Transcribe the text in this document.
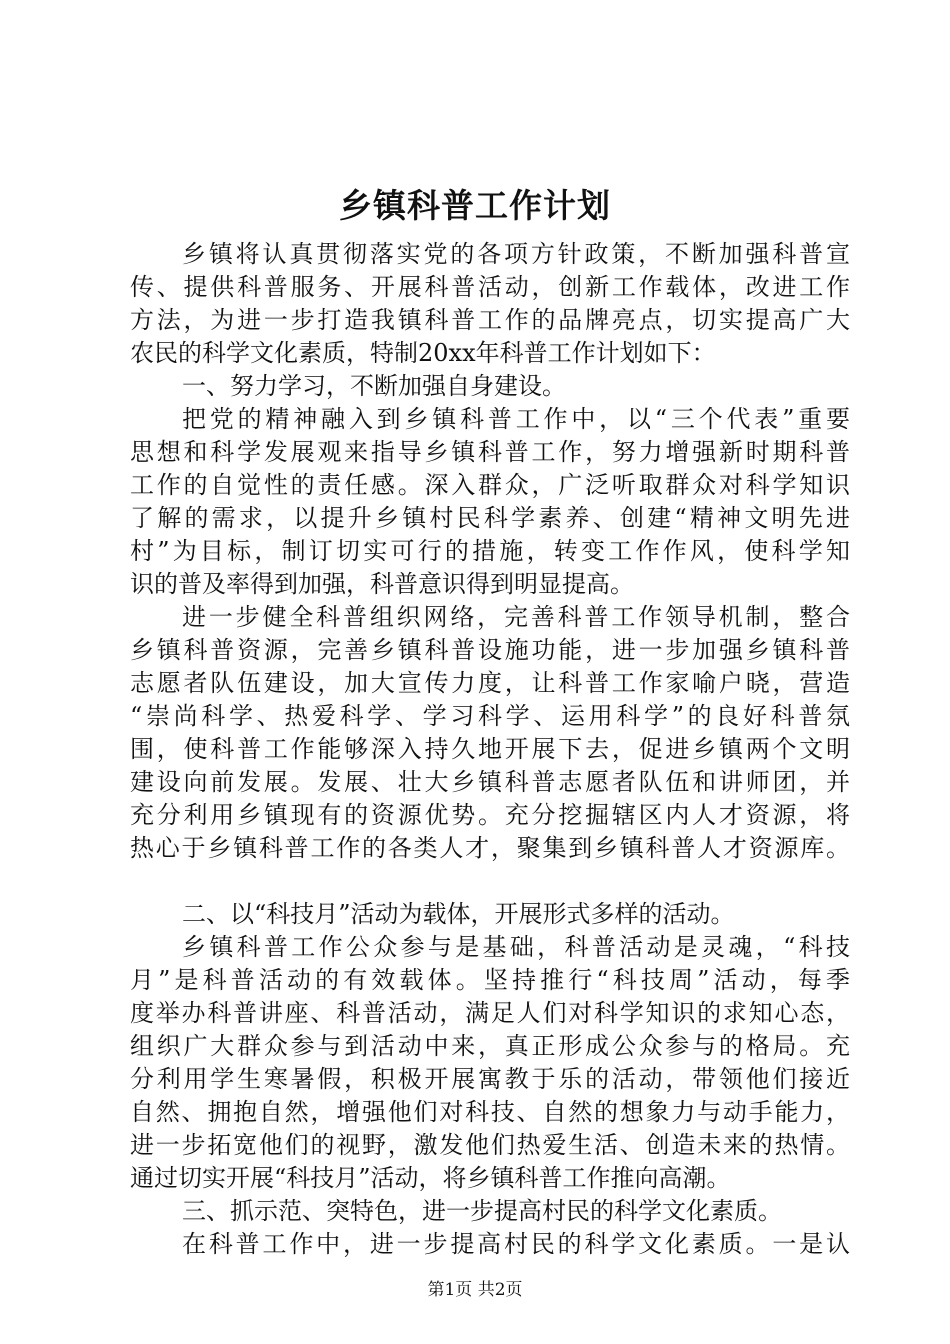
乡镇科普工作计划
乡镇将认真贯彻落实党的各项方针政策，不断加强科普宣
传、提供科普服务、开展科普活动，创新工作载体，改进工作
方法，为进一步打造我镇科普工作的品牌亮点，切实提高广大
农民的科学文化素质，特制20xx年科普工作计划如下：
一、努力学习，不断加强自身建设。
把党的精神融入到乡镇科普工作中，以“三个代表”重要
思想和科学发展观来指导乡镇科普工作，努力增强新时期科普
工作的自觉性的责任感。深入群众，广泛听取群众对科学知识
了解的需求，以提升乡镇村民科学素养、创建“精神文明先进
村”为目标，制订切实可行的措施，转变工作作风，使科学知
识的普及率得到加强，科普意识得到明显提高。
进一步健全科普组织网络，完善科普工作领导机制，整合
乡镇科普资源，完善乡镇科普设施功能，进一步加强乡镇科普
志愿者队伍建设，加大宣传力度，让科普工作家喻户晓，营造
“崇尚科学、热爱科学、学习科学、运用科学”的良好科普氛
围，使科普工作能够深入持久地开展下去，促进乡镇两个文明
建设向前发展。发展、壮大乡镇科普志愿者队伍和讲师团，并
充分利用乡镇现有的资源优势。充分挖掘辖区内人才资源，将
热心于乡镇科普工作的各类人才，聚集到乡镇科普人才资源库。
二、以“科技月”活动为载体，开展形式多样的活动。
乡镇科普工作公众参与是基础，科普活动是灵魂，“科技
月”是科普活动的有效载体。坚持推行“科技周”活动，每季
度举办科普讲座、科普活动，满足人们对科学知识的求知心态，
组织广大群众参与到活动中来，真正形成公众参与的格局。充
分利用学生寒暑假，积极开展寓教于乐的活动，带领他们接近
自然、拥抱自然，增强他们对科技、自然的想象力与动手能力，
进一步拓宽他们的视野，激发他们热爱生活、创造未来的热情。
通过切实开展“科技月”活动，将乡镇科普工作推向高潮。
三、抓示范、突特色，进一步提高村民的科学文化素质。
在科普工作中，进一步提高村民的科学文化素质。一是认
第1页 共2页
